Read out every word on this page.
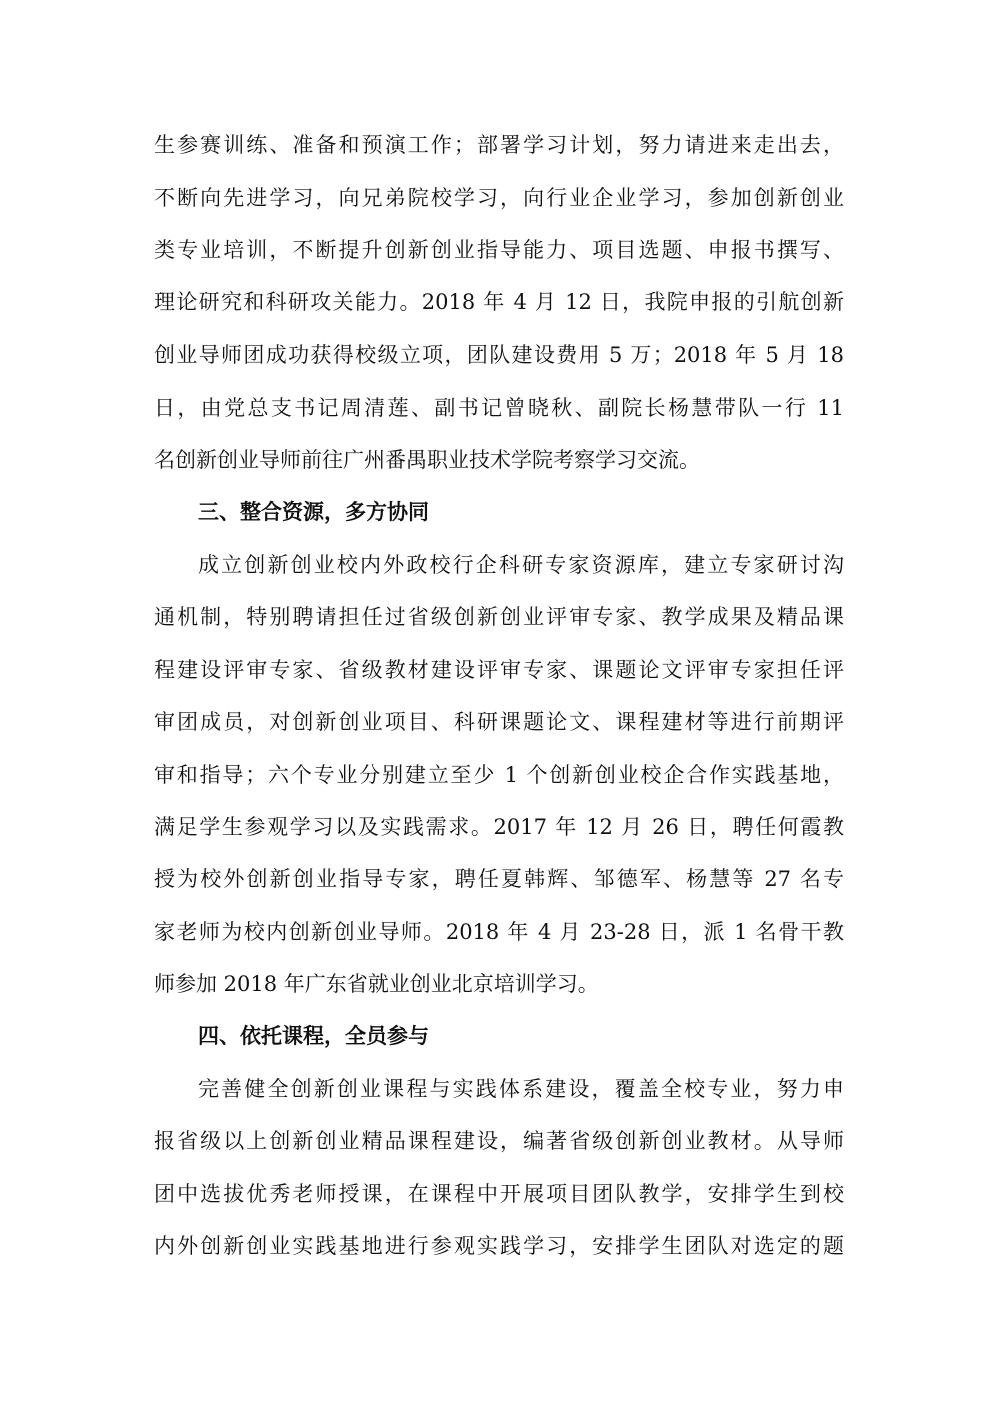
生参赛训练、准备和预演工作；部署学习计划，努力请进来走出去，
不断向先进学习，向兄弟院校学习，向行业企业学习，参加创新创业
类专业培训，不断提升创新创业指导能力、项目选题、申报书撰写、
理论研究和科研攻关能力。2018 年 4 月 12 日，我院申报的引航创新
创业导师团成功获得校级立项，团队建设费用 5 万；2018 年 5 月 18
日，由党总支书记周清莲、副书记曾晓秋、副院长杨慧带队一行 11
名创新创业导师前往广州番禺职业技术学院考察学习交流。
三、整合资源，多方协同
成立创新创业校内外政校行企科研专家资源库，建立专家研讨沟
通机制，特别聘请担任过省级创新创业评审专家、教学成果及精品课
程建设评审专家、省级教材建设评审专家、课题论文评审专家担任评
审团成员，对创新创业项目、科研课题论文、课程建材等进行前期评
审和指导；六个专业分别建立至少 1 个创新创业校企合作实践基地，
满足学生参观学习以及实践需求。2017 年 12 月 26 日，聘任何霞教
授为校外创新创业指导专家，聘任夏韩辉、邹德军、杨慧等 27 名专
家老师为校内创新创业导师。2018 年 4 月 23-28 日，派 1 名骨干教
师参加 2018 年广东省就业创业北京培训学习。
四、依托课程，全员参与
完善健全创新创业课程与实践体系建设，覆盖全校专业，努力申
报省级以上创新创业精品课程建设，编著省级创新创业教材。从导师
团中选拔优秀老师授课，在课程中开展项目团队教学，安排学生到校
内外创新创业实践基地进行参观实践学习，安排学生团队对选定的题
